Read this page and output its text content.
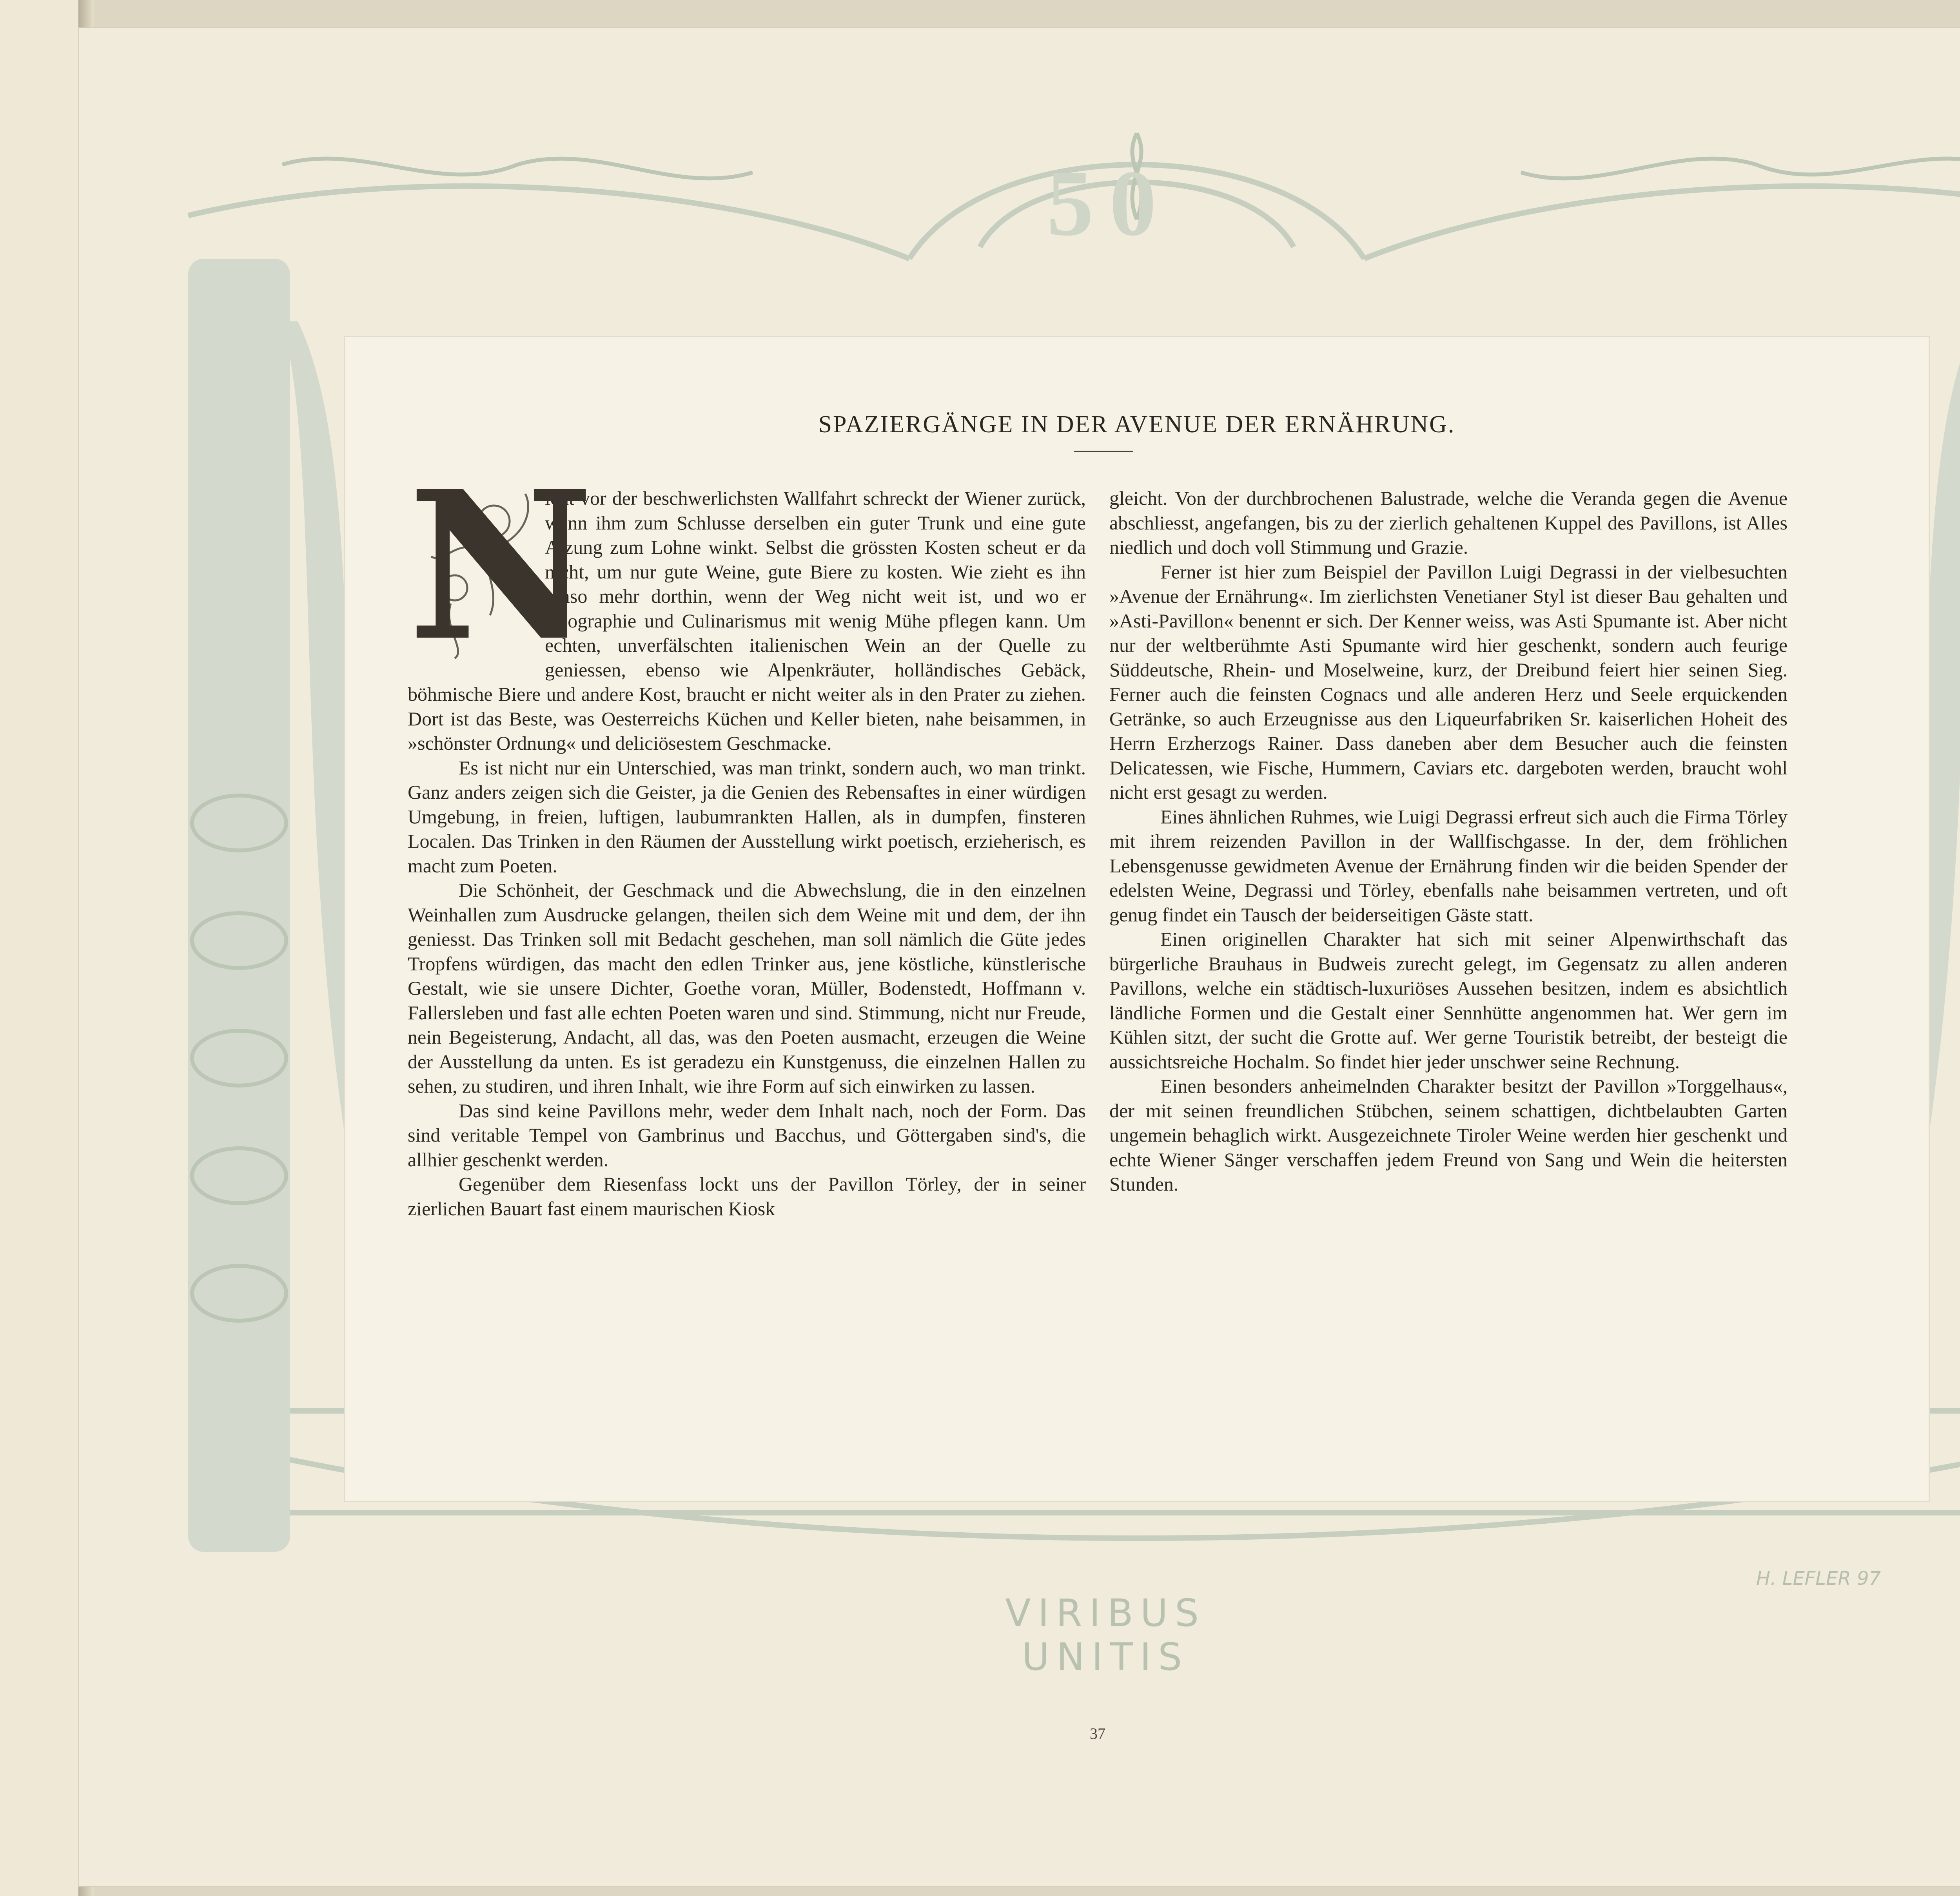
50
SPAZIERGÄNGE IN DER AVENUE DER ERNÄHRUNG.

N
icht vor der beschwerlichsten Wallfahrt schreckt der Wiener zurück, wenn ihm zum Schlusse derselben ein guter Trunk und eine gute Atzung zum Lohne winkt. Selbst die grössten Kosten scheut er da nicht, um nur gute Weine, gute Biere zu kosten. Wie zieht es ihn umso mehr dorthin, wenn der Weg nicht weit ist, und wo er Geographie und Culinarismus mit wenig Mühe pflegen kann. Um echten, unverfälschten italienischen Wein an der Quelle zu geniessen, ebenso wie Alpenkräuter, holländisches Gebäck, böhmische Biere und andere Kost, braucht er nicht weiter als in den Prater zu ziehen. Dort ist das Beste, was Oesterreichs Küchen und Keller bieten, nahe beisammen, in »schönster Ordnung« und deliciösestem Geschmacke.

Es ist nicht nur ein Unterschied, was man trinkt, sondern auch, wo man trinkt. Ganz anders zeigen sich die Geister, ja die Genien des Rebensaftes in einer würdigen Umgebung, in freien, luftigen, laubumrankten Hallen, als in dumpfen, finsteren Localen. Das Trinken in den Räumen der Ausstellung wirkt poetisch, erzieherisch, es macht zum Poeten.

Die Schönheit, der Geschmack und die Abwechslung, die in den einzelnen Weinhallen zum Ausdrucke gelangen, theilen sich dem Weine mit und dem, der ihn geniesst. Das Trinken soll mit Bedacht geschehen, man soll nämlich die Güte jedes Tropfens würdigen, das macht den edlen Trinker aus, jene köstliche, künstlerische Gestalt, wie sie unsere Dichter, Goethe voran, Müller, Bodenstedt, Hoffmann v. Fallersleben und fast alle echten Poeten waren und sind. Stimmung, nicht nur Freude, nein Begeisterung, Andacht, all das, was den Poeten ausmacht, erzeugen die Weine der Ausstellung da unten. Es ist geradezu ein Kunstgenuss, die einzelnen Hallen zu sehen, zu studiren, und ihren Inhalt, wie ihre Form auf sich einwirken zu lassen.

Das sind keine Pavillons mehr, weder dem Inhalt nach, noch der Form. Das sind veritable Tempel von Gambrinus und Bacchus, und Göttergaben sind's, die allhier geschenkt werden.

Gegenüber dem Riesenfass lockt uns der Pavillon Törley, der in seiner zierlichen Bauart fast einem maurischen Kiosk

gleicht. Von der durchbrochenen Balustrade, welche die Veranda gegen die Avenue abschliesst, angefangen, bis zu der zierlich gehaltenen Kuppel des Pavillons, ist Alles niedlich und doch voll Stimmung und Grazie.

Ferner ist hier zum Beispiel der Pavillon Luigi Degrassi in der vielbesuchten »Avenue der Ernährung«. Im zierlichsten Venetianer Styl ist dieser Bau gehalten und »Asti-Pavillon« benennt er sich. Der Kenner weiss, was Asti Spumante ist. Aber nicht nur der weltberühmte Asti Spumante wird hier geschenkt, sondern auch feurige Süddeutsche, Rhein- und Moselweine, kurz, der Dreibund feiert hier seinen Sieg. Ferner auch die feinsten Cognacs und alle anderen Herz und Seele erquickenden Getränke, so auch Erzeugnisse aus den Liqueurfabriken Sr. kaiserlichen Hoheit des Herrn Erzherzogs Rainer. Dass daneben aber dem Besucher auch die feinsten Delicatessen, wie Fische, Hummern, Caviars etc. dargeboten werden, braucht wohl nicht erst gesagt zu werden.

Eines ähnlichen Ruhmes, wie Luigi Degrassi erfreut sich auch die Firma Törley mit ihrem reizenden Pavillon in der Wallfischgasse. In der, dem fröhlichen Lebensgenusse gewidmeten Avenue der Ernährung finden wir die beiden Spender der edelsten Weine, Degrassi und Törley, ebenfalls nahe beisammen vertreten, und oft genug findet ein Tausch der beiderseitigen Gäste statt.

Einen originellen Charakter hat sich mit seiner Alpenwirthschaft das bürgerliche Brauhaus in Budweis zurecht gelegt, im Gegensatz zu allen anderen Pavillons, welche ein städtisch-luxuriöses Aussehen besitzen, indem es absichtlich ländliche Formen und die Gestalt einer Sennhütte angenommen hat. Wer gern im Kühlen sitzt, der sucht die Grotte auf. Wer gerne Touristik betreibt, der besteigt die aussichtsreiche Hochalm. So findet hier jeder unschwer seine Rechnung.

Einen besonders anheimelnden Charakter besitzt der Pavillon »Torggelhaus«, der mit seinen freundlichen Stübchen, seinem schattigen, dichtbelaubten Garten ungemein behaglich wirkt. Ausgezeichnete Tiroler Weine werden hier geschenkt und echte Wiener Sänger verschaffen jedem Freund von Sang und Wein die heitersten Stunden.

VIRIBUS UNITIS
H. LEFLER 97
37
